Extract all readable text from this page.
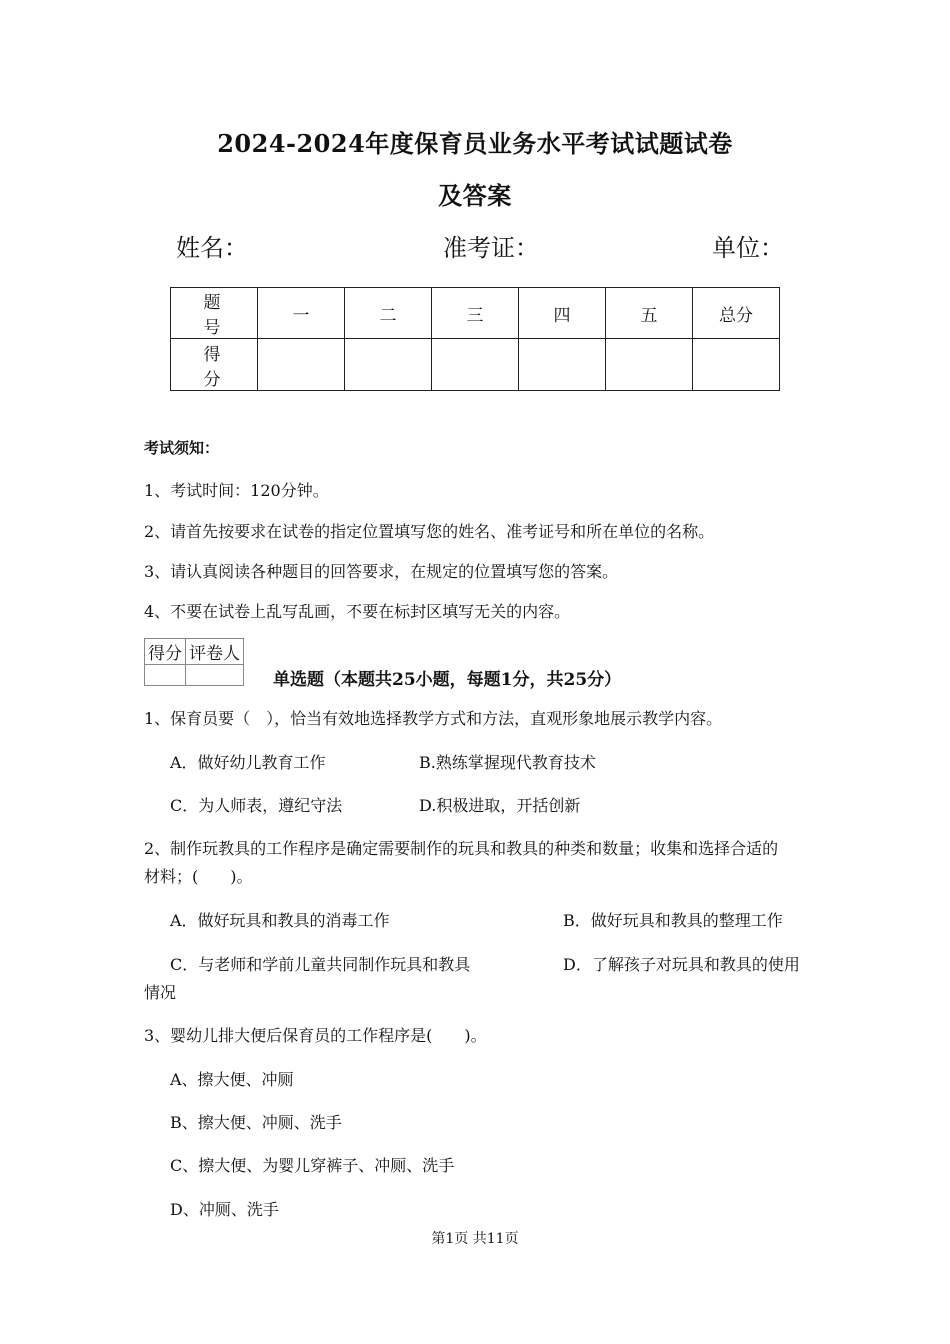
2024-2024年度保育员业务水平考试试题试卷
及答案
姓名：	准考证：	单位：
题　号	一	二	三	四	五	总分
得　分						
考试须知：
1、考试时间：120分钟。
2、请首先按要求在试卷的指定位置填写您的姓名、准考证号和所在单位的名称。
3、请认真阅读各种题目的回答要求，在规定的位置填写您的答案。
4、不要在试卷上乱写乱画，不要在标封区填写无关的内容。
得分	评卷人

单选题（本题共25小题，每题1分，共25分）
1、保育员要（　），恰当有效地选择教学方式和方法，直观形象地展示教学内容。
A．做好幼儿教育工作	B.熟练掌握现代教育技术
C．为人师表，遵纪守法	D.积极进取，开括创新
2、制作玩教具的工作程序是确定需要制作的玩具和教具的种类和数量；收集和选择合适的
材料；(　　)。
A．做好玩具和教具的消毒工作	B．做好玩具和教具的整理工作
C．与老师和学前儿童共同制作玩具和教具	D．了解孩子对玩具和教具的使用
情况
3、婴幼儿排大便后保育员的工作程序是(　　)。
A、擦大便、冲厕
B、擦大便、冲厕、洗手
C、擦大便、为婴儿穿裤子、冲厕、洗手
D、冲厕、洗手
第1页 共11页
